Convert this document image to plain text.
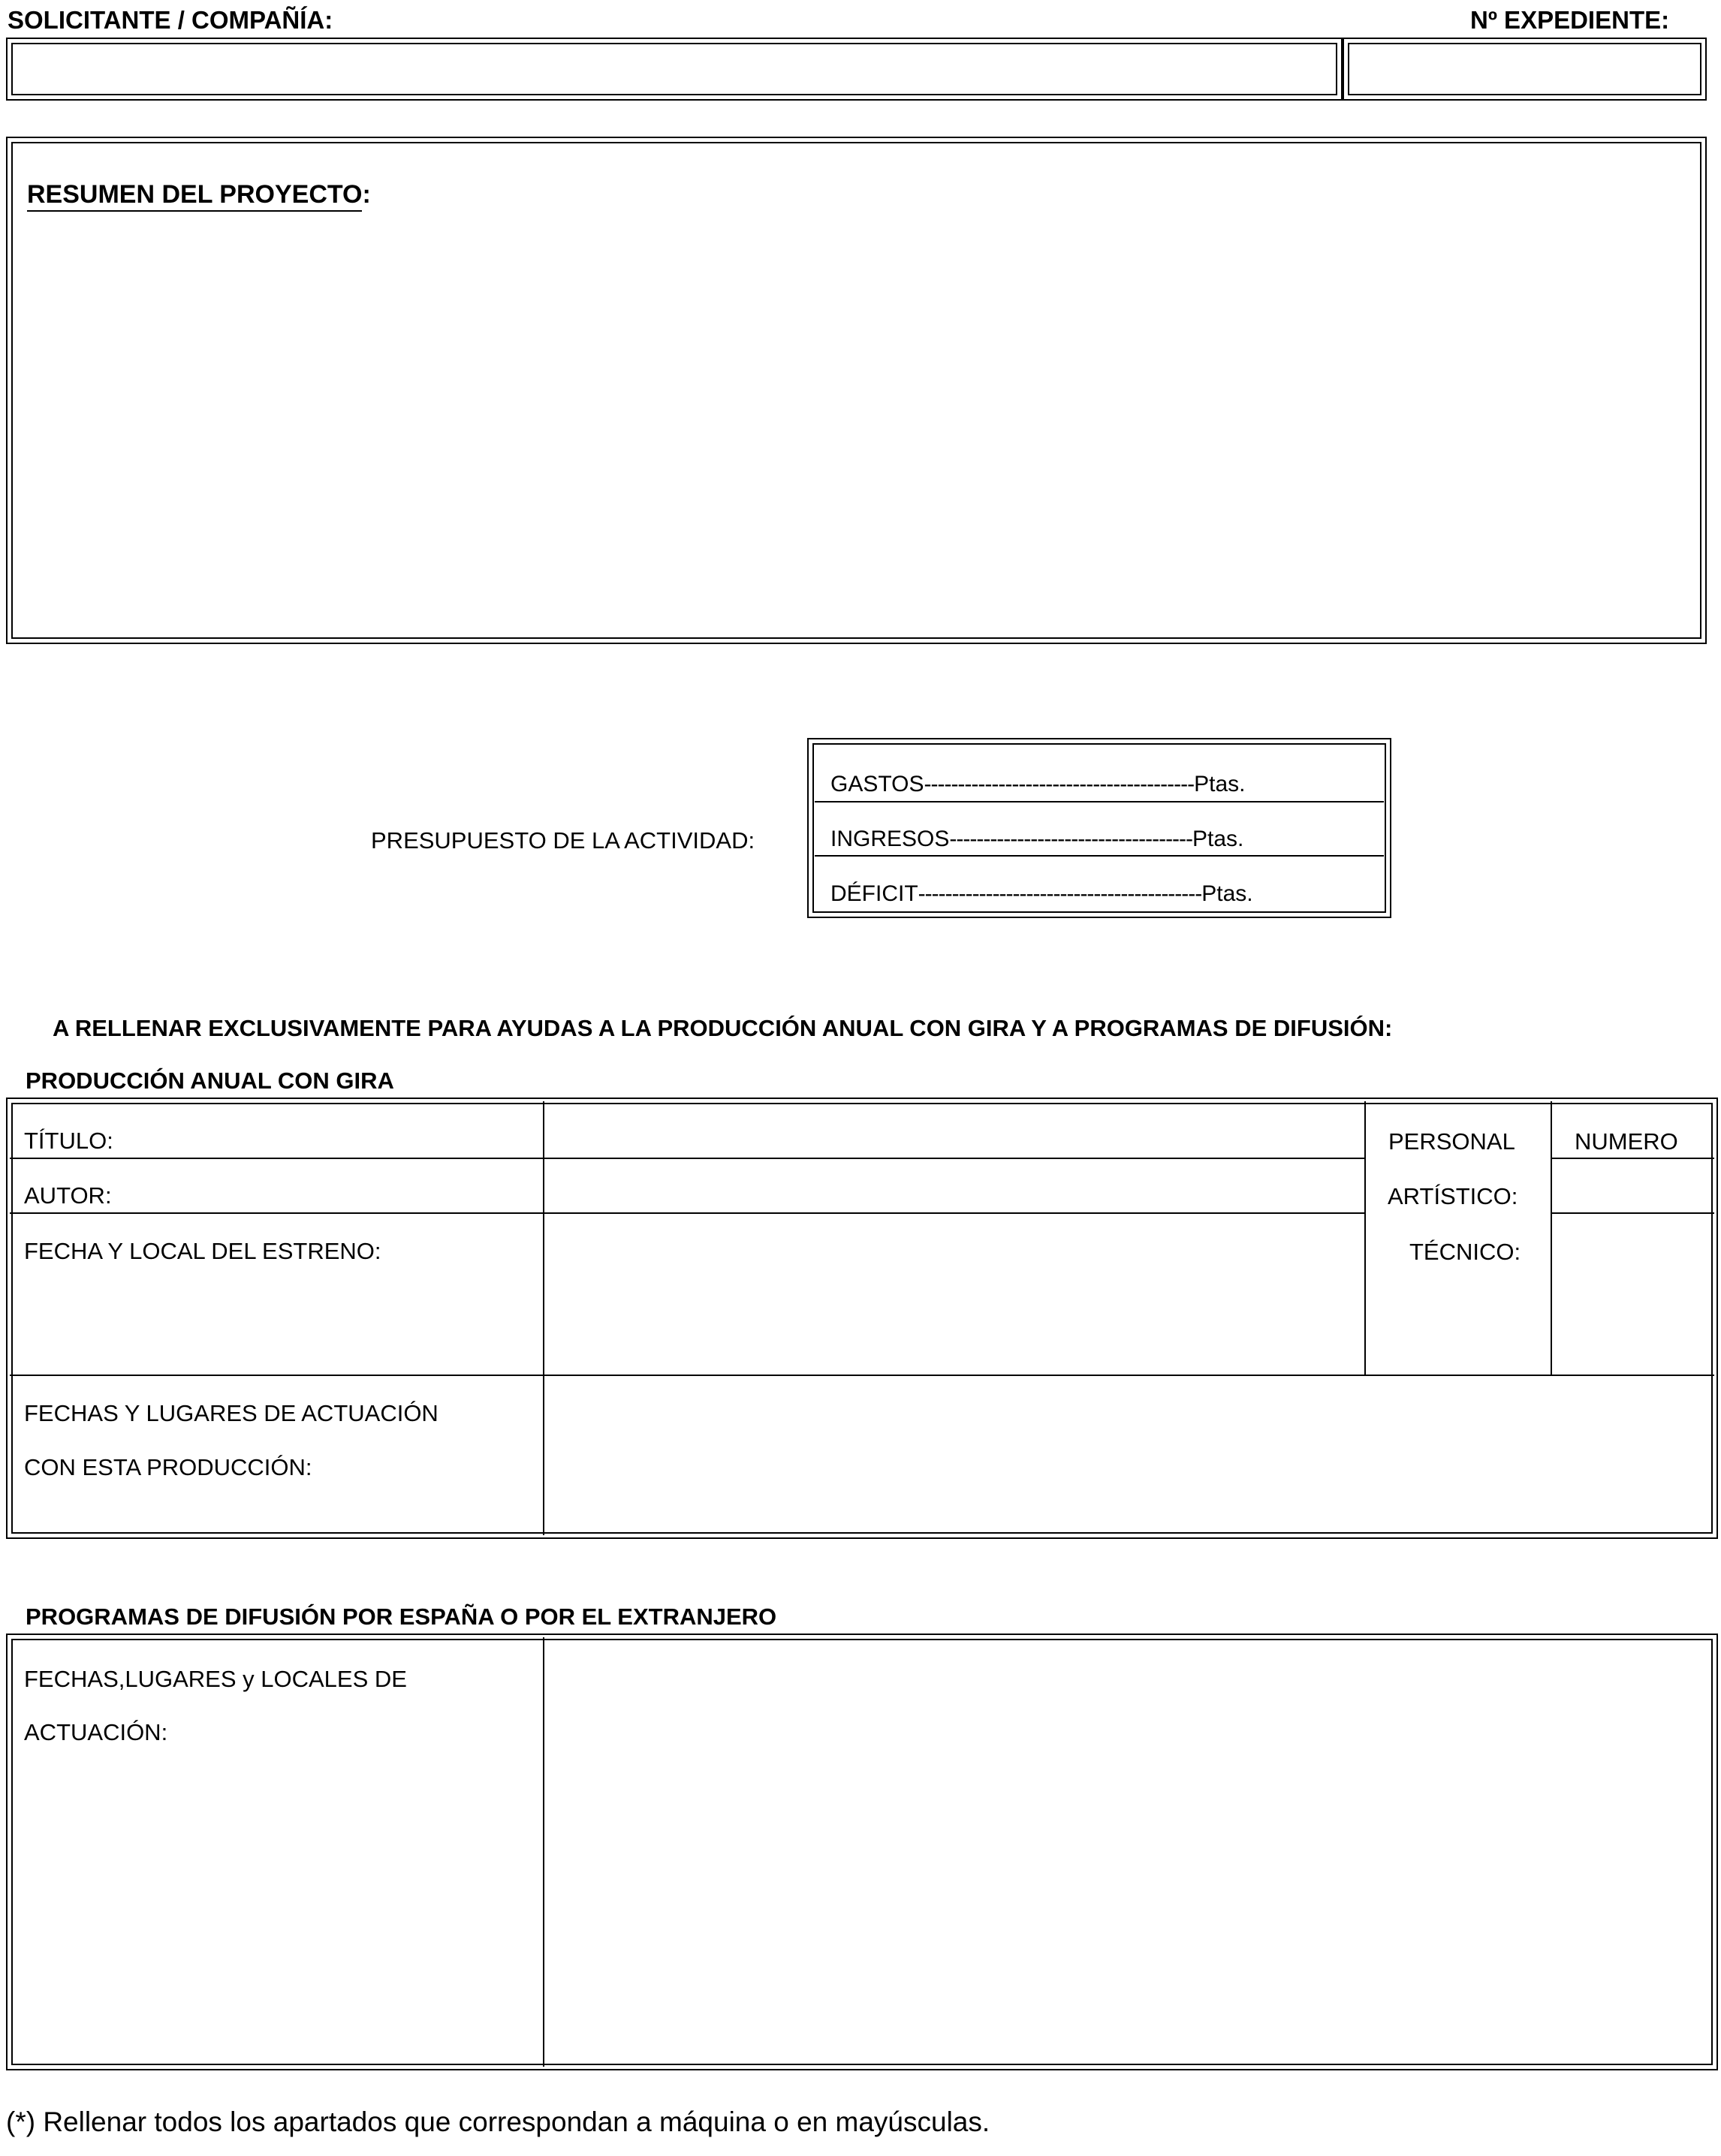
SOLICITANTE / COMPAÑÍA:	Nº EXPEDIENTE:
RESUMEN DEL PROYECTO:
PRESUPUESTO DE LA ACTIVIDAD:
GASTOS ---------------------------------------- Ptas.
INGRESOS ------------------------------------ Ptas.
DÉFICIT ------------------------------------------ Ptas.
A RELLENAR EXCLUSIVAMENTE PARA AYUDAS A LA PRODUCCIÓN ANUAL CON GIRA Y A PROGRAMAS DE DIFUSIÓN:
PRODUCCIÓN ANUAL CON GIRA
TÍTULO:
AUTOR:
FECHA Y LOCAL DEL ESTRENO:
PERSONAL	NUMERO
ARTÍSTICO:
TÉCNICO:
FECHAS Y LUGARES DE ACTUACIÓN
CON ESTA PRODUCCIÓN:
PROGRAMAS DE DIFUSIÓN POR ESPAÑA O POR EL EXTRANJERO
FECHAS,LUGARES y LOCALES DE
ACTUACIÓN:
(*) Rellenar todos los apartados que correspondan a máquina o en mayúsculas.
